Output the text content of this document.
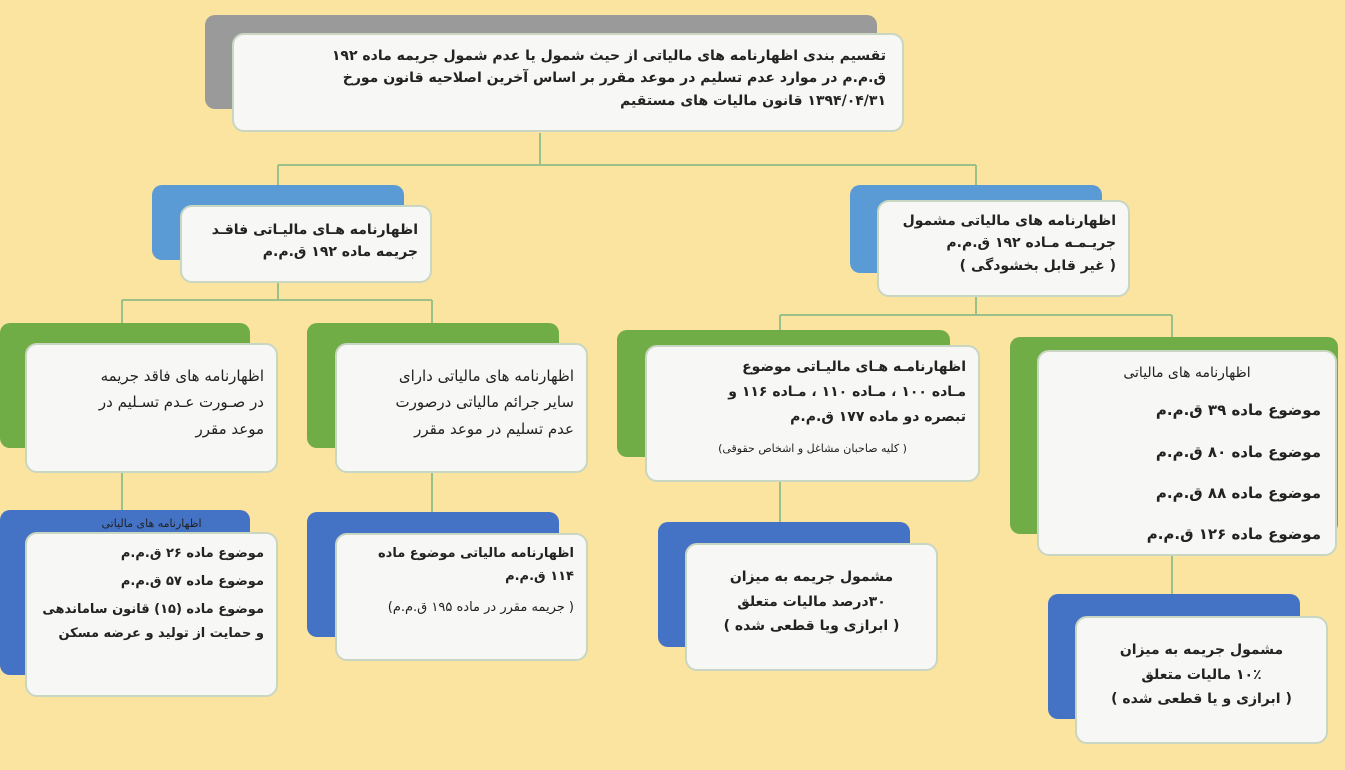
تقسیم بندی اظهارنامه های مالیاتی از حیث شمول یا عدم شمول جریمه ماده ۱۹۲

ق.م.م در موارد عدم تسلیم در موعد مقرر بر اساس آخرین اصلاحیه قانون مورخ

۱۳۹۴/۰۴/۳۱ قانون مالیات های مستقیم

اظهارنامه هـای مالیـاتی فاقـد

جریمه ماده ۱۹۲ ق.م.م

اظهارنامه های مالیاتی مشمول

جریـمـه مـاده ۱۹۲ ق.م.م

( غیر قابل بخشودگی )

اظهارنامه های فاقد جریمه

در صـورت عـدم تسـلیم در

موعد مقرر

اظهارنامه های مالیاتی دارای

سایر جرائم مالیاتی درصورت

عدم تسلیم در موعد مقرر

اظهارنامـه هـای مالیـاتی موضوع

مـاده ۱۰۰ ، مـاده ۱۱۰ ، مـاده ۱۱۶ و

تبصره دو ماده ۱۷۷ ق.م.م

( کلیه صاحبان مشاغل و اشخاص حقوقی)

اظهارنامه های مالیاتی

موضوع ماده ۳۹ ق.م.م

موضوع ماده ۸۰ ق.م.م

موضوع ماده ۸۸ ق.م.م

موضوع ماده ۱۲۶ ق.م.م

اظهارنامه های مالیاتی

موضوع ماده ۲۶ ق.م.م

موضوع ماده ۵۷ ق.م.م

موضوع ماده (۱۵) قانون ساماندهی و حمایت از تولید و عرضه مسکن

اظهارنامه مالیاتی موضوع ماده

۱۱۴ ق.م.م

( جریمه مقرر در ماده ۱۹۵ ق.م.م)

مشمول جریمه به میزان

۳۰درصد مالیات متعلق

( ابرازی ویا قطعی شده )

مشمول جریمه به میزان

۱۰٪ مالیات متعلق

( ابرازی و یا قطعی شده )
